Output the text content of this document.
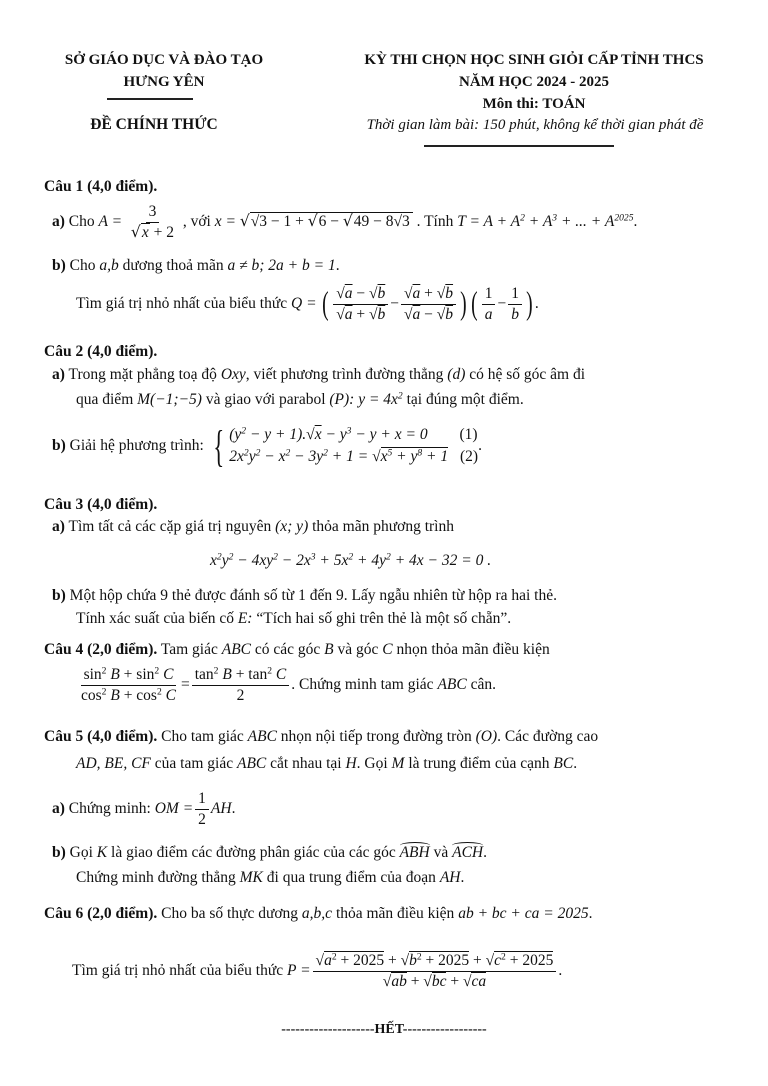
SỞ GIÁO DỤC VÀ ĐÀO TẠO
HƯNG YÊN
ĐỀ CHÍNH THỨC
KỲ THI CHỌN HỌC SINH GIỎI CẤP TỈNH THCS
NĂM HỌC 2024 - 2025
Môn thi: TOÁN
Thời gian làm bài: 150 phút, không kể thời gian phát đề
Câu 1 (4,0 điểm).
a) Cho $A = \frac{3}{√x + 2}$ , với x = √√3 − 1 + √6 − √49 − 8√3 . Tính $T = A + A^2 + A^3$ + ... + $A^{2025}$.
b) Cho a,b dương thoả mãn a ≠ b; 2a + b = 1.
Tìm giá trị nhỏ nhất của biểu thức Q = ( $\frac{√a - √b}{√a + √b} - \frac{√a + √b}{√a - √b}$ ) ( $\frac{1}{a} - \frac{1}{b}$ ) .
Câu 2 (4,0 điểm).
a) Trong mặt phẳng toạ độ Oxy, viết phương trình đường thẳng (d) có hệ số góc âm đi
qua điểm M(−1;−5) và giao với parabol (P): $y = 4x^2$ tại đúng một điểm.
b) Giải hệ phương trình: { $(y^2 - y + 1).√x - y^3 - y + x = 0$ (1)
$2x^2y^2 - x^2 - 3y^2 + 1 = √x^5 + y^8 + 1$ (2)
.
Câu 3 (4,0 điểm).
a) Tìm tất cả các cặp giá trị nguyên (x; y) thỏa mãn phương trình
$x^2y^2 - 4xy^2 - 2x^3 + 5x^2 + 4y^2 + 4x - 32 = 0$ .
b) Một hộp chứa 9 thẻ được đánh số từ 1 đến 9. Lấy ngẫu nhiên từ hộp ra hai thẻ.
Tính xác suất của biến cố E: “Tích hai số ghi trên thẻ là một số chẵn”.
Câu 4 (2,0 điểm). Tam giác ABC có các góc B và góc C nhọn thỏa mãn điều kiện
$\frac{\sin^2 B + \sin^2 C}{\cos^2 B + \cos^2 C} = \frac{\tan^2 B + \tan^2 C}{2}$ . Chứng minh tam giác ABC cân.
Câu 5 (4,0 điểm). Cho tam giác ABC nhọn nội tiếp trong đường tròn (O). Các đường cao
AD, BE, CF của tam giác ABC cắt nhau tại H. Gọi M là trung điểm của cạnh BC.
a) Chứng minh: OM = $\frac{1}{2}$ AH.
b) Gọi K là giao điểm các đường phân giác của các góc ABH và ACH.
Chứng minh đường thẳng MK đi qua trung điểm của đoạn AH.
Câu 6 (2,0 điểm). Cho ba số thực dương a,b,c thỏa mãn điều kiện ab + bc + ca = 2025.
Tìm giá trị nhỏ nhất của biểu thức $P = \frac{√a^2 + 2025 + √b^2 + 2025 + √c^2 + 2025}{√ab + √bc + √ca}$ .
--------------------HẾT------------------
